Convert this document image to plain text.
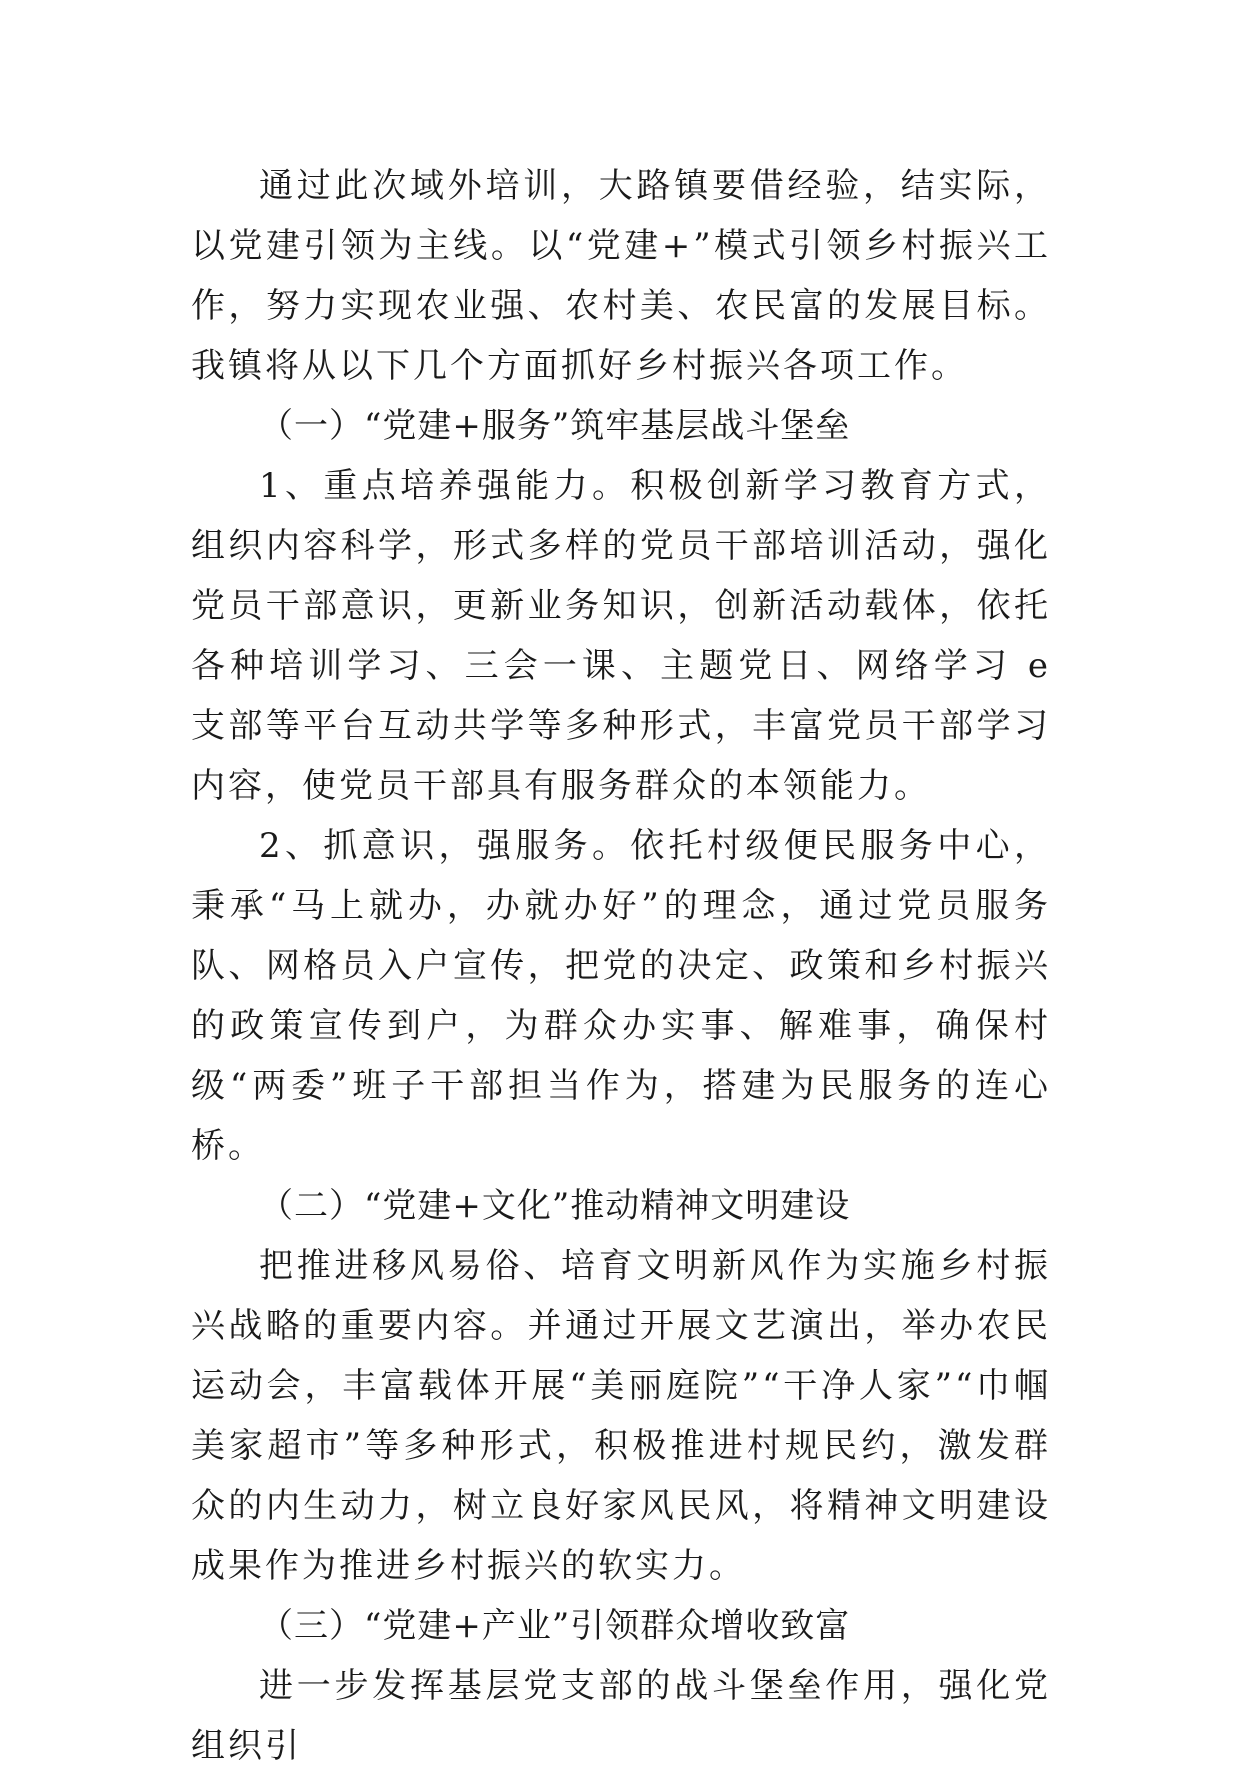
通过此次域外培训，大路镇要借经验，结实际，以党建引领为主线。以“党建+”模式引领乡村振兴工作，努力实现农业强、农村美、农民富的发展目标。我镇将从以下几个方面抓好乡村振兴各项工作。

（一）“党建+服务”筑牢基层战斗堡垒

1、重点培养强能力。积极创新学习教育方式，组织内容科学，形式多样的党员干部培训活动，强化党员干部意识，更新业务知识，创新活动载体，依托各种培训学习、三会一课、主题党日、网络学习 e 支部等平台互动共学等多种形式，丰富党员干部学习内容，使党员干部具有服务群众的本领能力。

2、抓意识，强服务。依托村级便民服务中心，秉承“马上就办，办就办好”的理念，通过党员服务队、网格员入户宣传，把党的决定、政策和乡村振兴的政策宣传到户，为群众办实事、解难事，确保村级“两委”班子干部担当作为，搭建为民服务的连心桥。

（二）“党建+文化”推动精神文明建设

把推进移风易俗、培育文明新风作为实施乡村振兴战略的重要内容。并通过开展文艺演出，举办农民运动会，丰富载体开展“美丽庭院”“干净人家”“巾帼美家超市”等多种形式，积极推进村规民约，激发群众的内生动力，树立良好家风民风，将精神文明建设成果作为推进乡村振兴的软实力。

（三）“党建+产业”引领群众增收致富

进一步发挥基层党支部的战斗堡垒作用，强化党组织引
